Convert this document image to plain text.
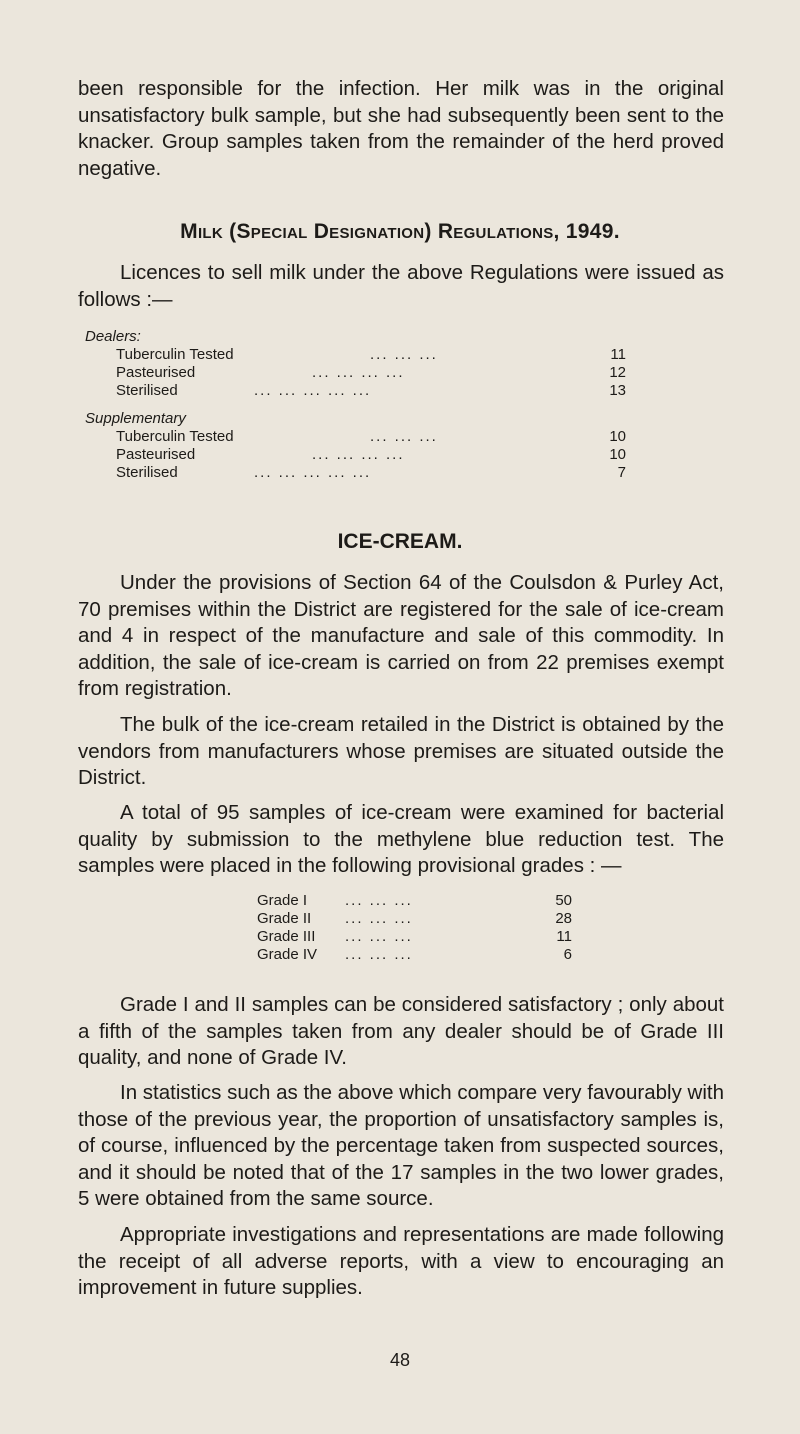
been responsible for the infection. Her milk was in the original unsatisfactory bulk sample, but she had subsequently been sent to the knacker. Group samples taken from the remainder of the herd proved negative.

Milk (Special Designation) Regulations, 1949.

Licences to sell milk under the above Regulations were issued as follows :—

Dealers:
Tuberculin Tested	... ... ...	11
Pasteurised	... ... ... ...	12
Sterilised	... ... ... ... ...	13
Supplementary
Tuberculin Tested	... ... ...	10
Pasteurised	... ... ... ...	10
Sterilised	... ... ... ... ...	7
ICE-CREAM.

Under the provisions of Section 64 of the Coulsdon & Purley Act, 70 premises within the District are registered for the sale of ice-cream and 4 in respect of the manufacture and sale of this commodity. In addition, the sale of ice-cream is carried on from 22 premises exempt from registration.

The bulk of the ice-cream retailed in the District is obtained by the vendors from manufacturers whose premises are situated outside the District.

A total of 95 samples of ice-cream were examined for bacterial quality by submission to the methylene blue reduction test. The samples were placed in the following provisional grades : —

Grade I	... ... ...	50
Grade II ... ... ...	28
Grade III ... ... ...	11
Grade IV ... ... ...	6

Grade I and II samples can be considered satisfactory ; only about a fifth of the samples taken from any dealer should be of Grade III quality, and none of Grade IV.

In statistics such as the above which compare very favourably with those of the previous year, the proportion of unsatisfactory samples is, of course, influenced by the percentage taken from suspected sources, and it should be noted that of the 17 samples in the two lower grades, 5 were obtained from the same source.

Appropriate investigations and representations are made following the receipt of all adverse reports, with a view to encouraging an improvement in future supplies.

48
